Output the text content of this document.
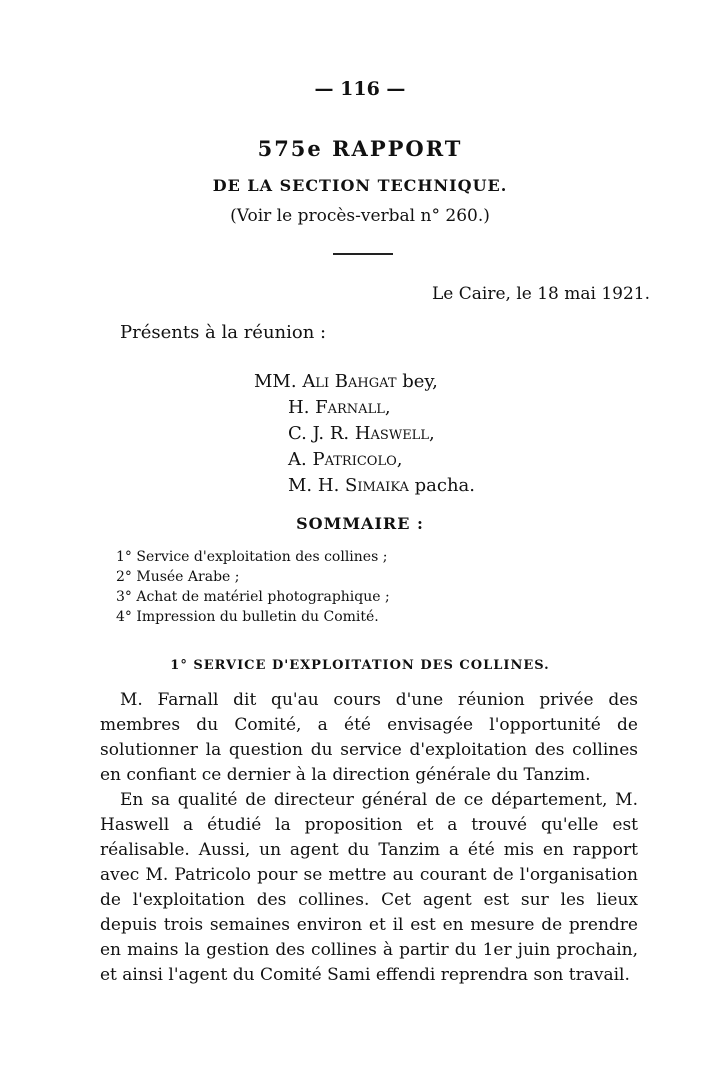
— 116 —
575e RAPPORT
DE LA SECTION TECHNIQUE.
(Voir le procès-verbal n° 260.)
Le Caire, le 18 mai 1921.
Présents à la réunion :
MM. Ali Bahgat bey,
H. Farnall,
C. J. R. Haswell,
A. Patricolo,
M. H. Simaika pacha.
SOMMAIRE :
1° Service d'exploitation des collines ;
2° Musée Arabe ;
3° Achat de matériel photographique ;
4° Impression du bulletin du Comité.
1° SERVICE D'EXPLOITATION DES COLLINES.

M. Farnall dit qu'au cours d'une réunion privée des membres du Comité, a été envisagée l'opportunité de solutionner la question du service d'exploitation des collines en confiant ce dernier à la direction générale du Tanzim.

En sa qualité de directeur général de ce département, M. Haswell a étudié la proposition et a trouvé qu'elle est réalisable. Aussi, un agent du Tanzim a été mis en rapport avec M. Patricolo pour se mettre au courant de l'organisation de l'exploitation des collines. Cet agent est sur les lieux depuis trois semaines environ et il est en mesure de prendre en mains la gestion des collines à partir du 1er juin prochain, et ainsi l'agent du Comité Sami effendi reprendra son travail.
